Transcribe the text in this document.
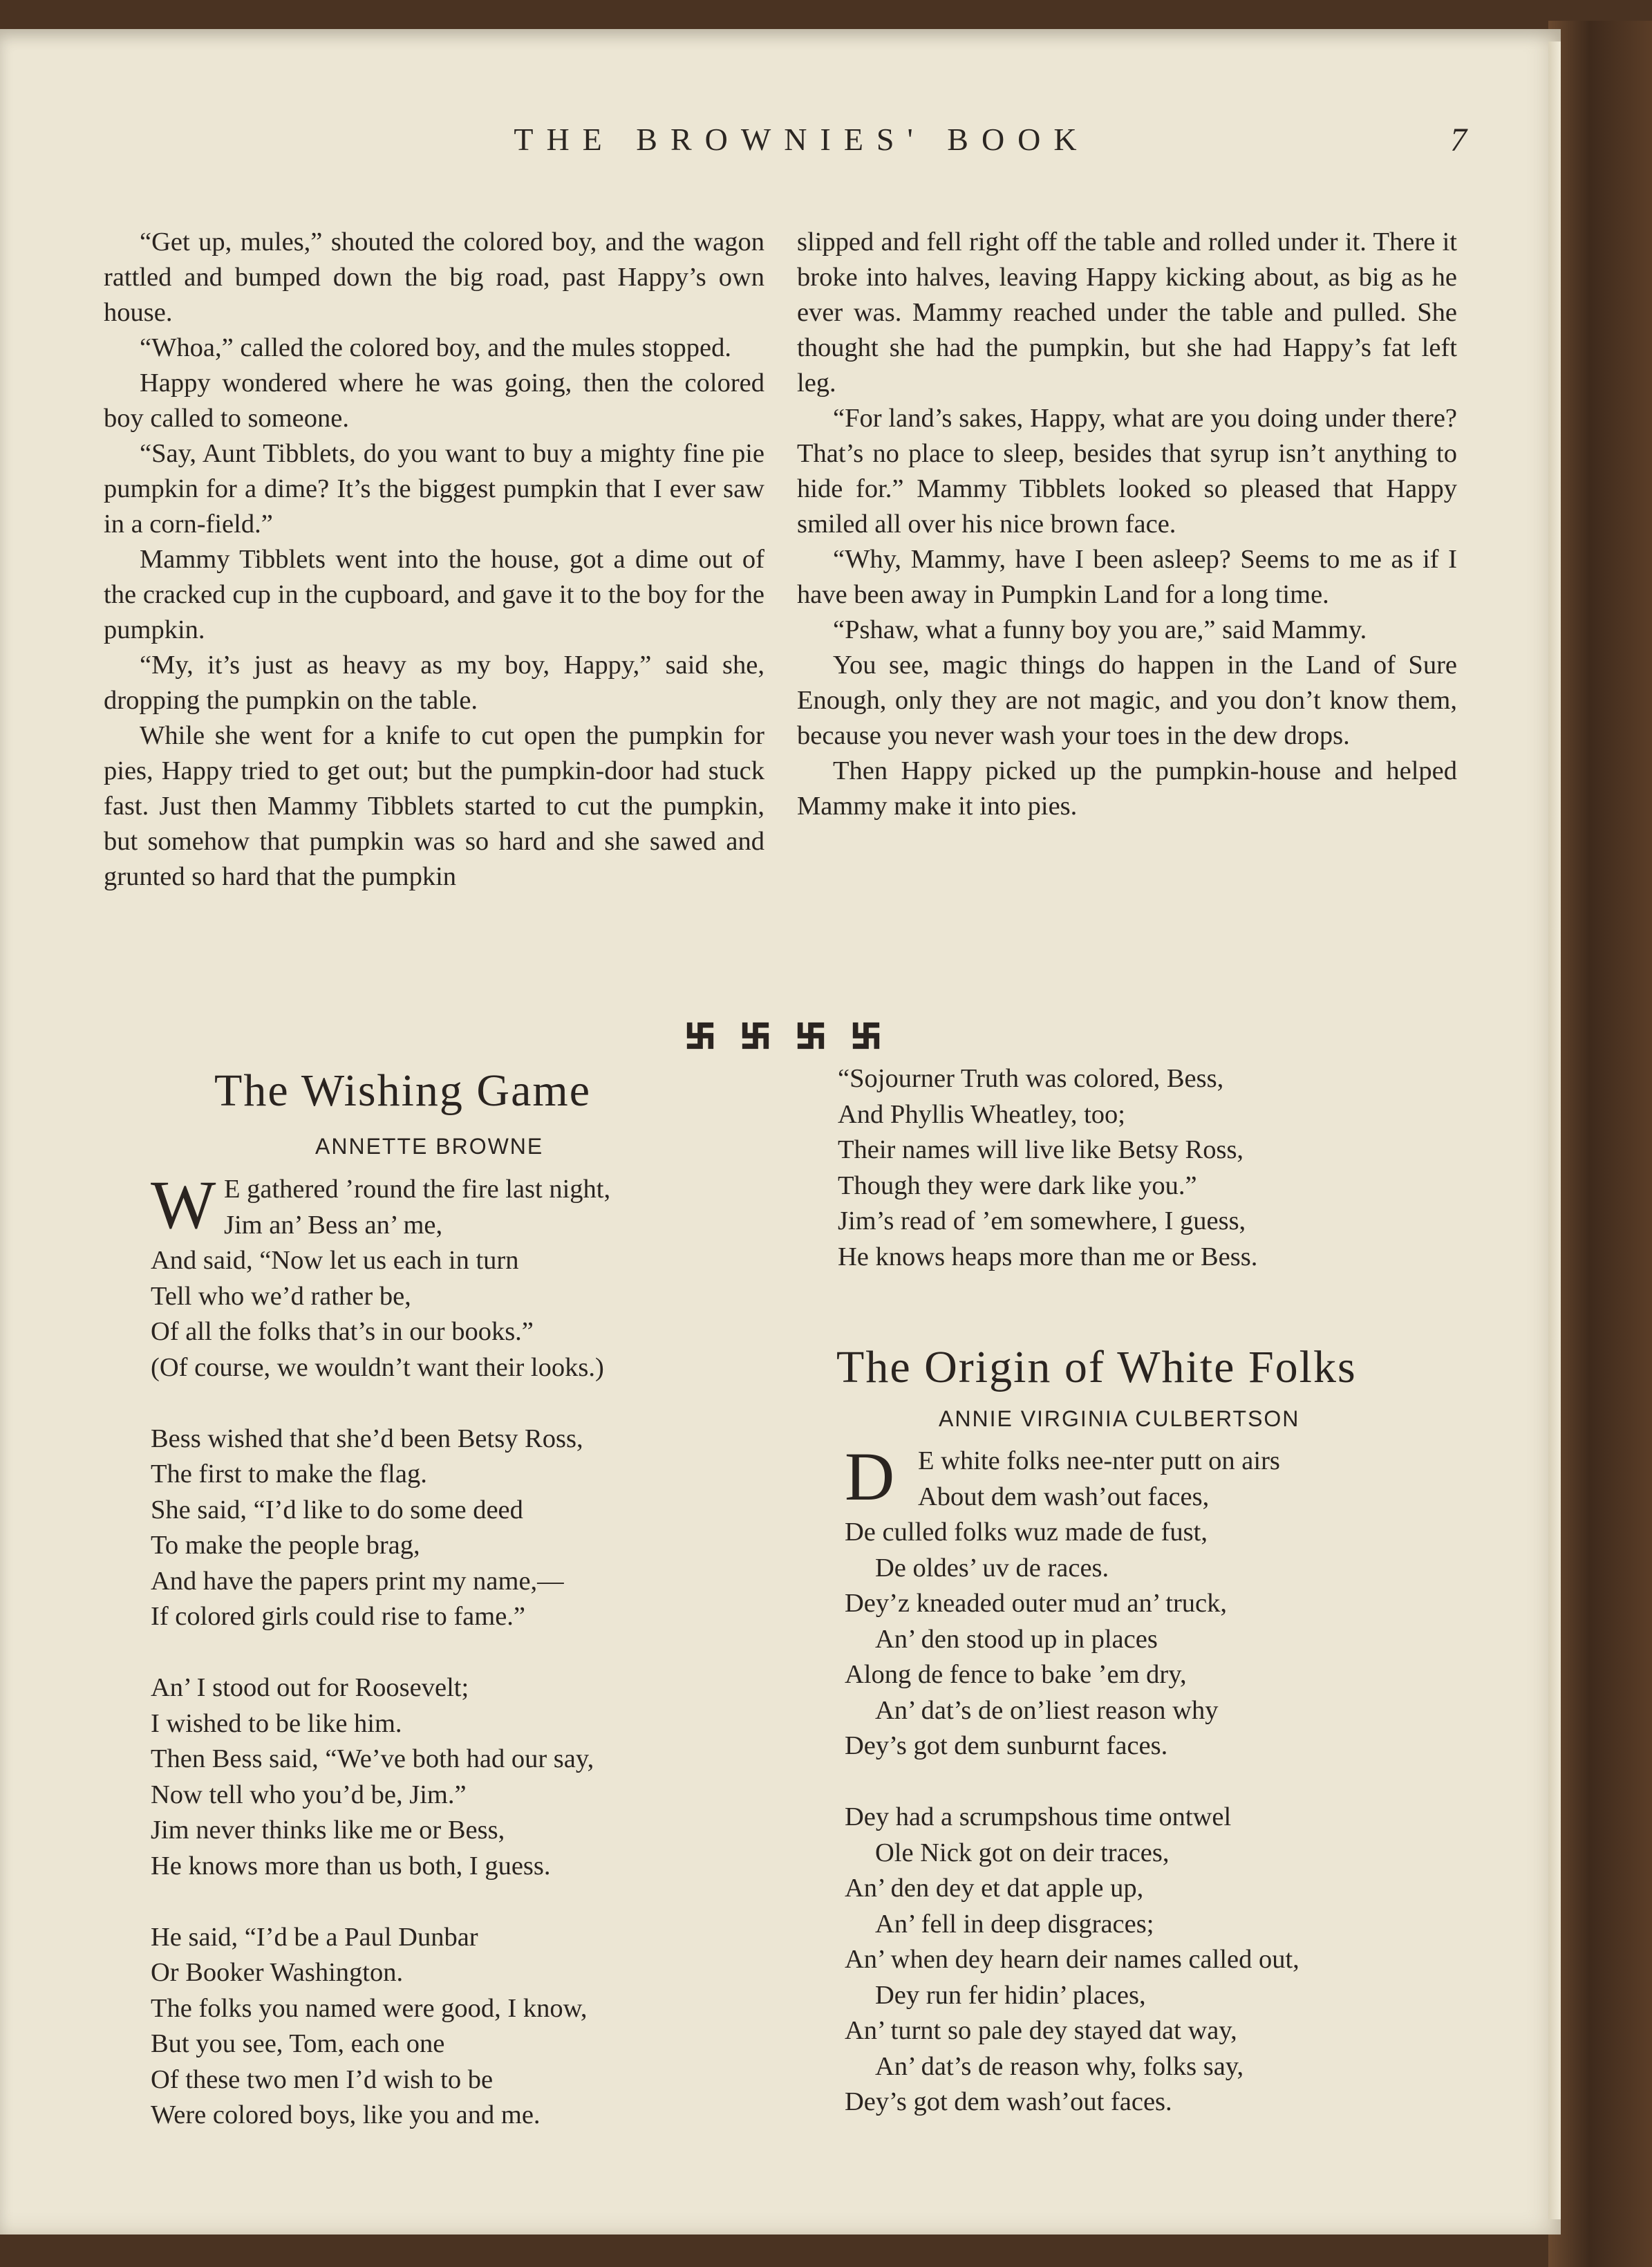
THE BROWNIES' BOOK	7

“Get up, mules,” shouted the colored boy, and the wagon rattled and bumped down the big road, past Happy’s own house.

“Whoa,” called the colored boy, and the mules stopped.

Happy wondered where he was going, then the colored boy called to someone.

“Say, Aunt Tibblets, do you want to buy a mighty fine pie pumpkin for a dime? It’s the biggest pumpkin that I ever saw in a corn-field.”

Mammy Tibblets went into the house, got a dime out of the cracked cup in the cupboard, and gave it to the boy for the pumpkin.

“My, it’s just as heavy as my boy, Happy,” said she, dropping the pumpkin on the table.

While she went for a knife to cut open the pumpkin for pies, Happy tried to get out; but the pumpkin-door had stuck fast. Just then Mammy Tibblets started to cut the pumpkin, but somehow that pumpkin was so hard and she sawed and grunted so hard that the pumpkin

slipped and fell right off the table and rolled under it. There it broke into halves, leaving Happy kicking about, as big as he ever was. Mammy reached under the table and pulled. She thought she had the pumpkin, but she had Happy’s fat left leg.

“For land’s sakes, Happy, what are you doing under there? That’s no place to sleep, besides that syrup isn’t anything to hide for.” Mammy Tibblets looked so pleased that Happy smiled all over his nice brown face.

“Why, Mammy, have I been asleep? Seems to me as if I have been away in Pumpkin Land for a long time.

“Pshaw, what a funny boy you are,” said Mammy.

You see, magic things do happen in the Land of Sure Enough, only they are not magic, and you don’t know them, because you never wash your toes in the dew drops.

Then Happy picked up the pumpkin-house and helped Mammy make it into pies.

The Wishing Game
ANNETTE BROWNE
W E gathered ’round the fire last night,
Jim an’ Bess an’ me,
And said, “Now let us each in turn
Tell who we’d rather be,
Of all the folks that’s in our books.”
(Of course, we wouldn’t want their looks.)
Bess wished that she’d been Betsy Ross,
The first to make the flag.
She said, “I’d like to do some deed
To make the people brag,
And have the papers print my name,—
If colored girls could rise to fame.”
An’ I stood out for Roosevelt;
I wished to be like him.
Then Bess said, “We’ve both had our say,
Now tell who you’d be, Jim.”
Jim never thinks like me or Bess,
He knows more than us both, I guess.
He said, “I’d be a Paul Dunbar
Or Booker Washington.
The folks you named were good, I know,
But you see, Tom, each one
Of these two men I’d wish to be
Were colored boys, like you and me.
“Sojourner Truth was colored, Bess,
And Phyllis Wheatley, too;
Their names will live like Betsy Ross,
Though they were dark like you.”
Jim’s read of ’em somewhere, I guess,
He knows heaps more than me or Bess.
The Origin of White Folks
ANNIE VIRGINIA CULBERTSON
D E white folks nee-nter putt on airs
About dem wash’out faces,
De culled folks wuz made de fust,
De oldes’ uv de races.
Dey’z kneaded outer mud an’ truck,
An’ den stood up in places
Along de fence to bake ’em dry,
An’ dat’s de on’liest reason why
Dey’s got dem sunburnt faces.
Dey had a scrumpshous time ontwel
Ole Nick got on deir traces,
An’ den dey et dat apple up,
An’ fell in deep disgraces;
An’ when dey hearn deir names called out,
Dey run fer hidin’ places,
An’ turnt so pale dey stayed dat way,
An’ dat’s de reason why, folks say,
Dey’s got dem wash’out faces.
